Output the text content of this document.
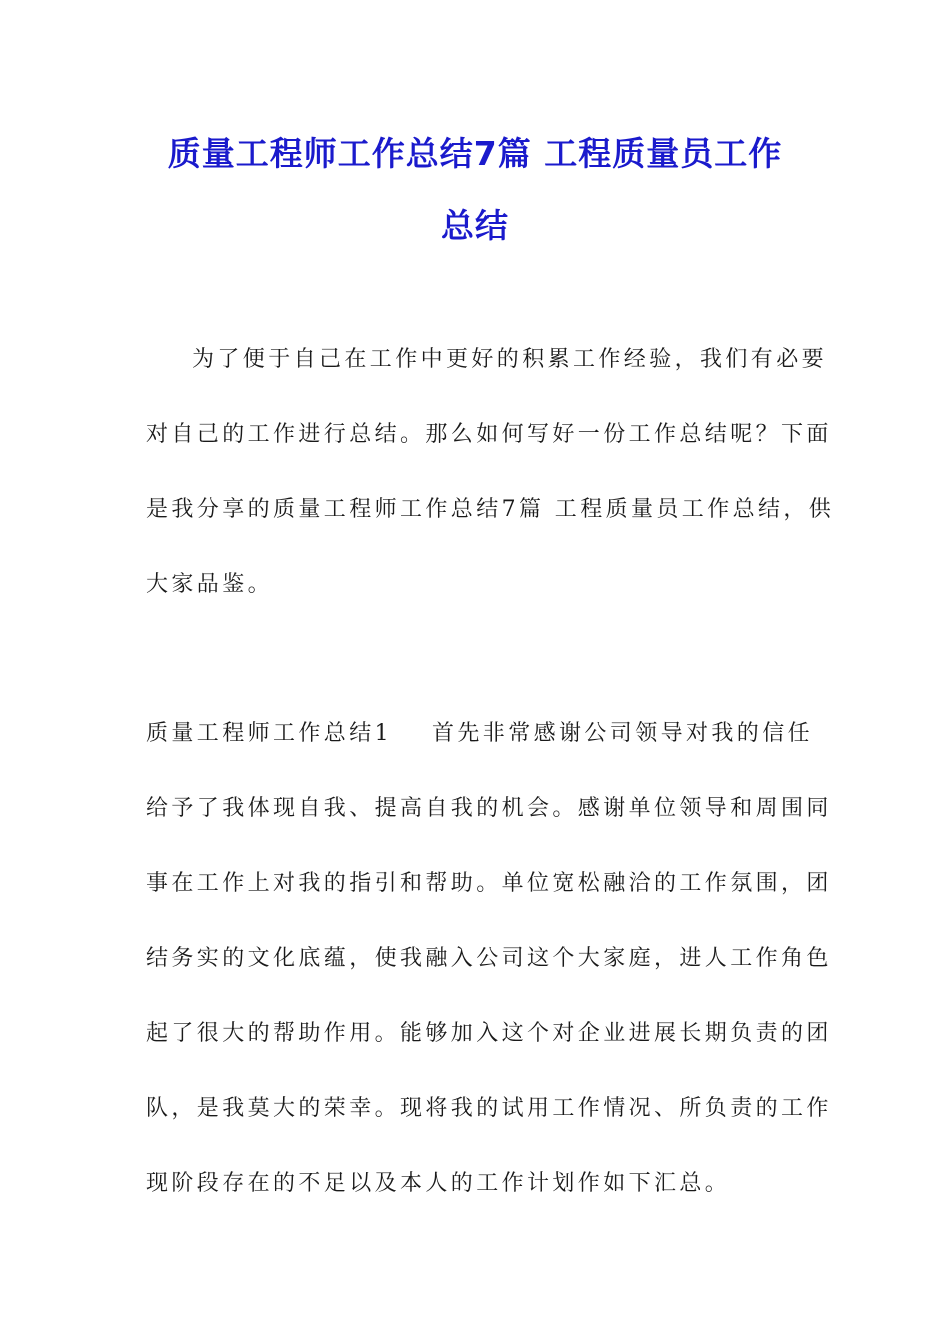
质量工程师工作总结7篇 工程质量员工作
总结

为了便于自己在工作中更好的积累工作经验，我们有必要
对自己的工作进行总结。那么如何写好一份工作总结呢？下面
是我分享的质量工程师工作总结7篇 工程质量员工作总结，供
大家品鉴。

质量工程师工作总结1 首先非常感谢公司领导对我的信任
给予了我体现自我、提高自我的机会。感谢单位领导和周围同
事在工作上对我的指引和帮助。单位宽松融洽的工作氛围，团
结务实的文化底蕴，使我融入公司这个大家庭，进人工作角色
起了很大的帮助作用。能够加入这个对企业进展长期负责的团
队，是我莫大的荣幸。现将我的试用工作情况、所负责的工作
现阶段存在的不足以及本人的工作计划作如下汇总。
